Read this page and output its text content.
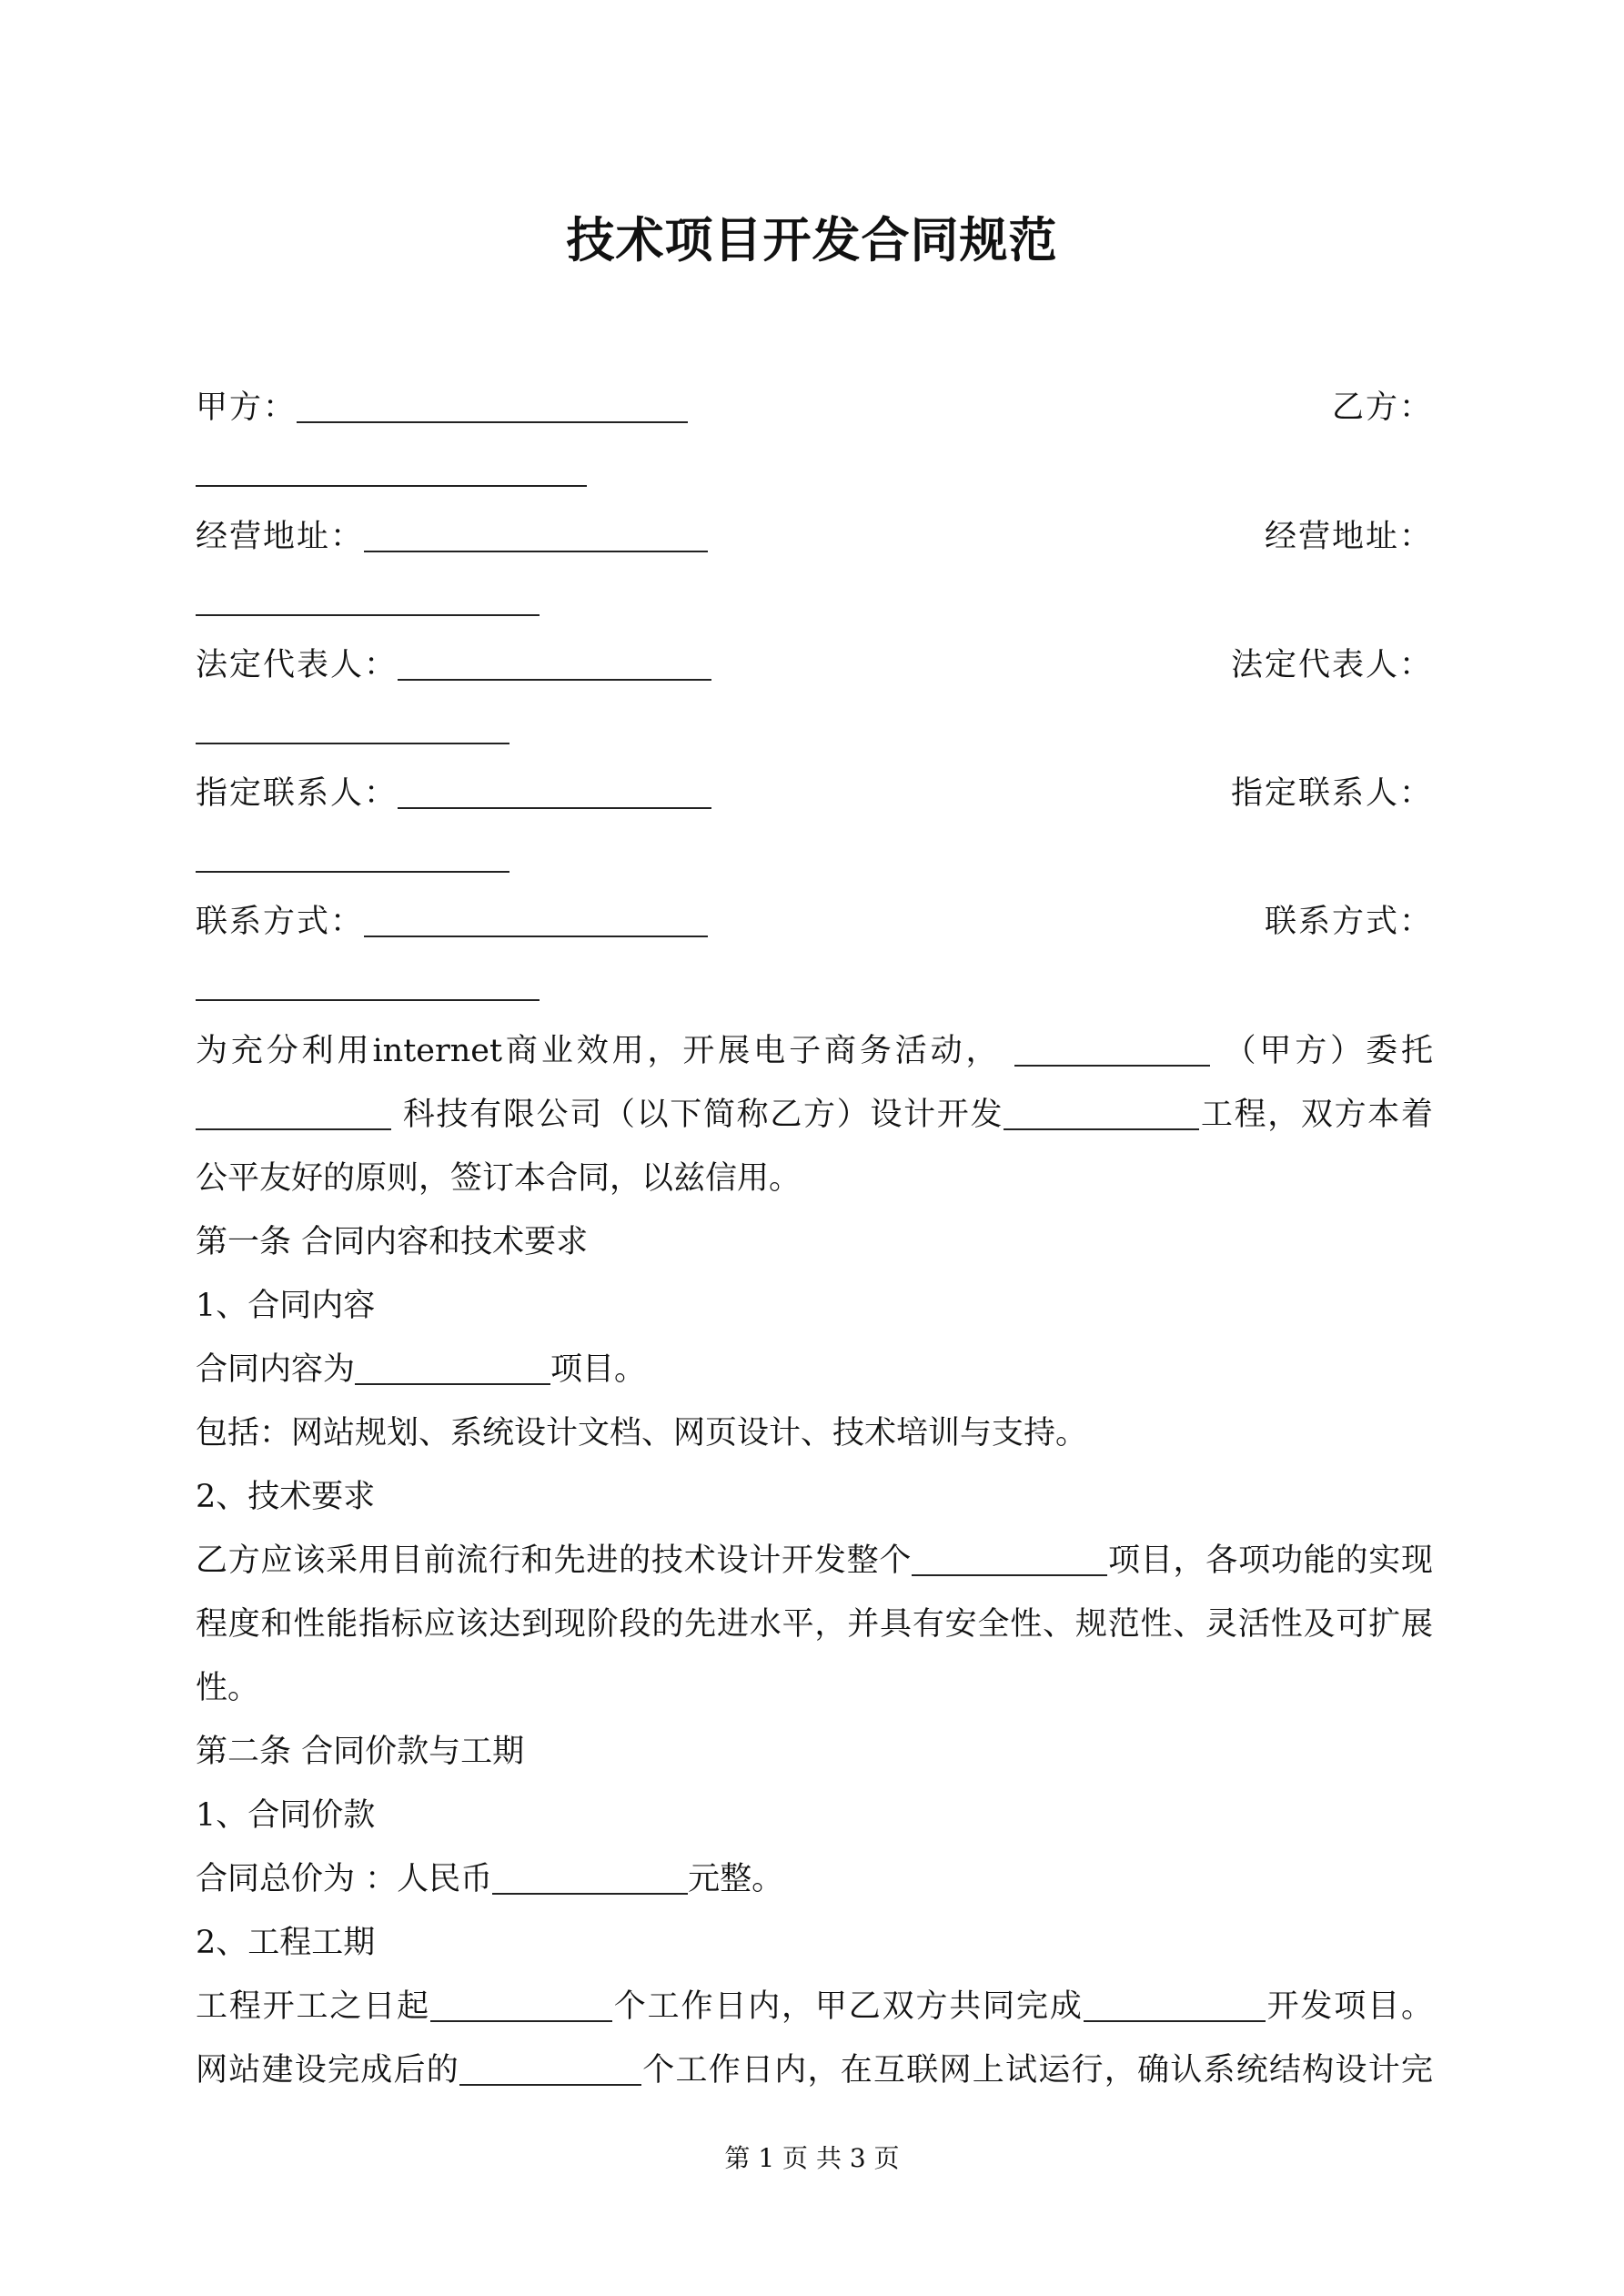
技术项目开发合同规范
甲方：	乙方：
经营地址：	经营地址：
法定代表人：	法定代表人：
指定联系人：	指定联系人：
联系方式：	联系方式：
为充分利用internet商业效用，开展电子商务活动，	（甲方）委托
科技有限公司（以下简称乙方）设计开发	工程，双方本着
公平友好的原则，签订本合同，以兹信用。
第一条 合同内容和技术要求
1、合同内容
合同内容为	项目。
包括：网站规划、系统设计文档、网页设计、技术培训与支持。
2、技术要求
乙方应该采用目前流行和先进的技术设计开发整个	项目，各项功能的实现
程度和性能指标应该达到现阶段的先进水平，并具有安全性、规范性、灵活性及可扩展
性。
第二条 合同价款与工期
1、合同价款
合同总价为 ：人民币	元整。
2、工程工期
工程开工之日起	个工作日内，甲乙双方共同完成	开发项目。
网站建设完成后的	个工作日内，在互联网上试运行，确认系统结构设计完
第 1 页 共 3 页
